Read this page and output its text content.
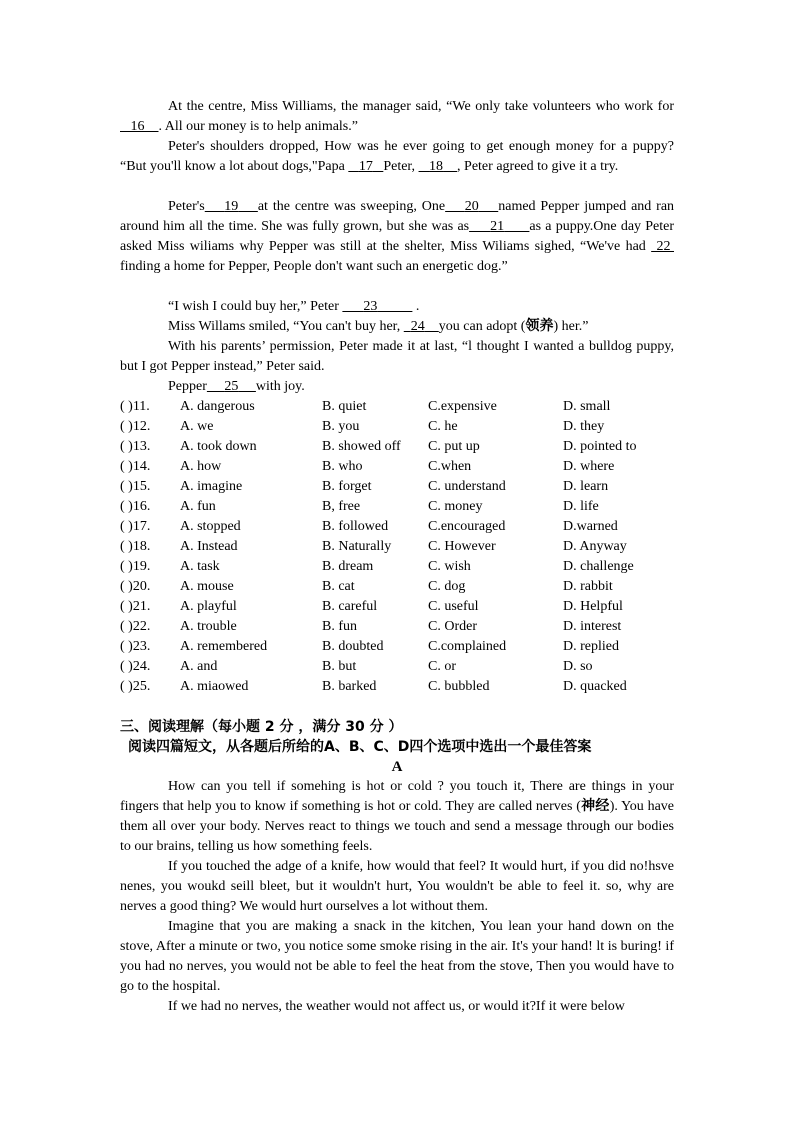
At the centre, Miss Williams, the manager said, “We only take volunteers who work for   16 . All our money is to help animals.”

Peter's shoulders dropped, How was he ever going to get enough money for a puppy? “But you'll know a lot about dogs,"Papa    17 Peter,    18 , Peter agreed to give it a try.

Peter's 19 at the centre was sweeping, One 20 named Pepper jumped and ran around him all the time. She was fully grown, but she was as 21 as a puppy.One day Peter asked Miss wiliams why Pepper was still at the shelter, Miss Wiliams sighed, “We've had  22  finding a home for Pepper, People don't want such an energetic dog.”

“I wish I could buy her,” Peter       23	.

Miss Willams smiled, “You can't buy her,   24 you can adopt (领养) her.”

With his parents’ permission, Peter made it at last, “l thought I wanted a bulldog puppy, but I got Pepper instead,” Peter said.

Pepper 25 with joy.

( )11. A. dangerous	B. quiet	C.expensive	D. small
( )12. A. we	B. you	C. he	D. they
( )13. A. took down	B. showed off C. put up	D. pointed to
( )14. A. how	B. who	C.when	D. where
( )15. A. imagine	B. forget	C. understand	D. learn
( )16. A. fun	B, free	C. money	D. life
( )17. A. stopped	B. followed	C.encouraged	D.warned
( )18. A. Instead	B. Naturally	C. However	D. Anyway
( )19. A. task	B. dream	C. wish	D. challenge
( )20. A. mouse	B. cat	C. dog	D. rabbit
( )21. A. playful	B. careful	C. useful	D. Helpful
( )22. A. trouble	B. fun	C. Order	D. interest
( )23. A. remembered	B. doubted	C.complained	D. replied
( )24. A. and	B. but	C. or	D. so
( )25. A. miaowed	B. barked	C. bubbled	D. quacked
三、阅读理解（每小题 2 分 ，满分 30 分 ）
阅读四篇短文，从各题后所给的A、B、C、D四个选项中选出一个最佳答案
A

How can you tell if somehing is hot or cold ? you touch it, There are things in your fingers that help you to know if something is hot or cold. They are called nerves (神经). You have them all over your body. Nerves react to things we touch and send a message through our bodies to our brains, telling us how something feels.

If you touched the adge of a knife, how would that feel? It would hurt, if you did no!hsve nenes, you woukd seill bleet, but it wouldn't hurt, You wouldn't be able to feel it. so, why are nerves a good thing? We would hurt ourselves a lot without them.

Imagine that you are making a snack in the kitchen, You lean your hand down on the stove, After a minute or two, you notice some smoke rising in the air. It's your hand! lt is buring! if you had no nerves, you would not be able to feel the heat from the stove, Then you would have to go to the hospital.

If we had no nerves, the weather would not affect us, or would it?If it were below
